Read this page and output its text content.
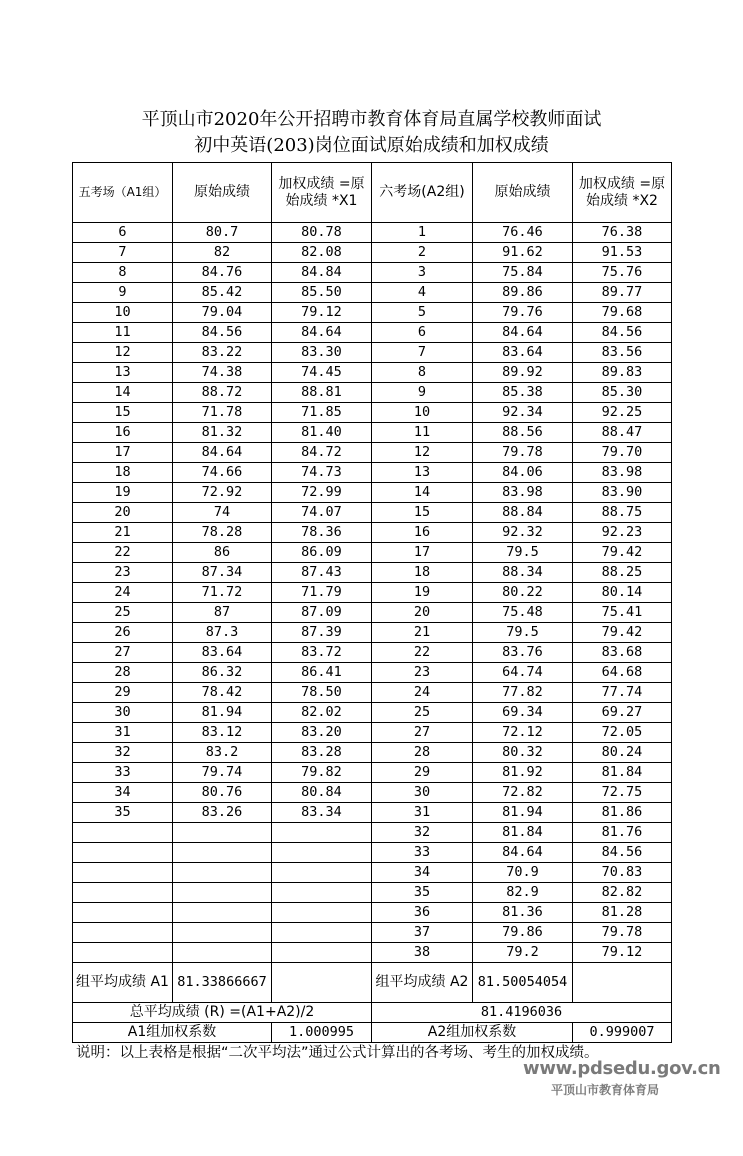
平顶山市2020年公开招聘市教育体育局直属学校教师面试
初中英语(203)岗位面试原始成绩和加权成绩
五考场（A1组）	原始成绩	加权成绩 =原始成绩 *X1	六考场(A2组)	原始成绩	加权成绩 =原始成绩 *X2
6	80.7	80.78	1	76.46	76.38
7	82	82.08	2	91.62	91.53
8	84.76	84.84	3	75.84	75.76
9	85.42	85.50	4	89.86	89.77
10	79.04	79.12	5	79.76	79.68
11	84.56	84.64	6	84.64	84.56
12	83.22	83.30	7	83.64	83.56
13	74.38	74.45	8	89.92	89.83
14	88.72	88.81	9	85.38	85.30
15	71.78	71.85	10	92.34	92.25
16	81.32	81.40	11	88.56	88.47
17	84.64	84.72	12	79.78	79.70
18	74.66	74.73	13	84.06	83.98
19	72.92	72.99	14	83.98	83.90
20	74	74.07	15	88.84	88.75
21	78.28	78.36	16	92.32	92.23
22	86	86.09	17	79.5	79.42
23	87.34	87.43	18	88.34	88.25
24	71.72	71.79	19	80.22	80.14
25	87	87.09	20	75.48	75.41
26	87.3	87.39	21	79.5	79.42
27	83.64	83.72	22	83.76	83.68
28	86.32	86.41	23	64.74	64.68
29	78.42	78.50	24	77.82	77.74
30	81.94	82.02	25	69.34	69.27
31	83.12	83.20	27	72.12	72.05
32	83.2	83.28	28	80.32	80.24
33	79.74	79.82	29	81.92	81.84
34	80.76	80.84	30	72.82	72.75
35	83.26	83.34	31	81.94	81.86
			32	81.84	81.76
			33	84.64	84.56
			34	70.9	70.83
			35	82.9	82.82
			36	81.36	81.28
			37	79.86	79.78
			38	79.2	79.12
组平均成绩 A1	81.33866667		组平均成绩 A2	81.50054054	
总平均成绩 (R) =(A1+A2)/2			81.4196036		
A1组加权系数		1.000995	A2组加权系数		0.999007
说明：以上表格是根据“二次平均法”通过公式计算出的各考场、考生的加权成绩。
www.pdsedu.gov.cn
平顶山市教育体育局
